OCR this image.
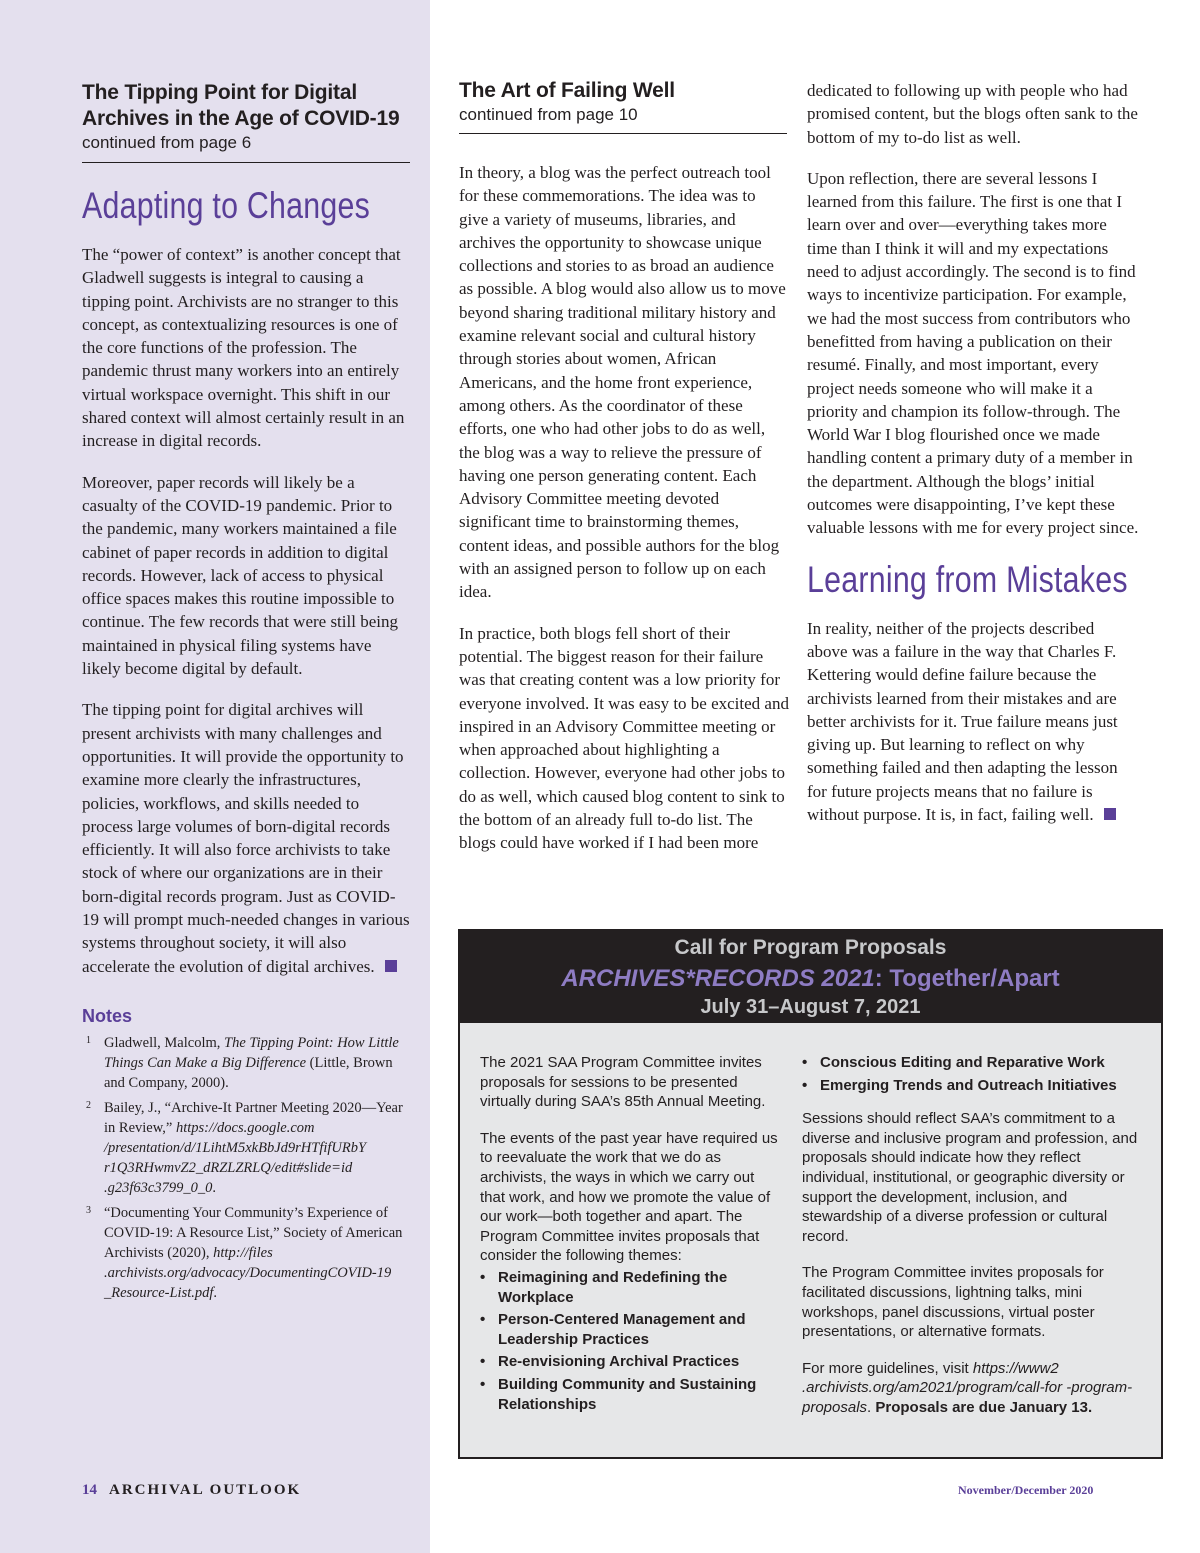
The Tipping Point for Digital
Archives in the Age of COVID-19
continued from page 6
Adapting to Changes

The “power of context” is another concept that Gladwell suggests is integral to causing a tipping point. Archivists are no stranger to this concept, as contextualizing resources is one of the core functions of the profession. The pandemic thrust many workers into an entirely virtual workspace overnight. This shift in our shared context will almost certainly result in an increase in digital records.

Moreover, paper records will likely be a casualty of the COVID-19 pandemic. Prior to the pandemic, many workers maintained a file cabinet of paper records in addition to digital records. However, lack of access to physical office spaces makes this routine impossible to continue. The few records that were still being maintained in physical filing systems have likely become digital by default.

The tipping point for digital archives will present archivists with many challenges and opportunities. It will provide the opportunity to examine more clearly the infrastructures, policies, workflows, and skills needed to process large volumes of born-digital records efficiently. It will also force archivists to take stock of where our organizations are in their born-digital records program. Just as COVID-19 will prompt much-needed changes in various systems throughout society, it will also accelerate the evolution of digital archives.

Notes
1 Gladwell, Malcolm, The Tipping Point: How Little Things Can Make a Big Difference (Little, Brown and Company, 2000).
2 Bailey, J., “Archive-It Partner Meeting 2020—Year in Review,” https://docs.google.com /presentation/d/1LihtM5xkBbJd9rHTfifURbY r1Q3RHwmvZ2_dRZLZRLQ/edit#slide=id .g23f63c3799_0_0.
3 “Documenting Your Community’s Experience of COVID-19: A Resource List,” Society of American Archivists (2020), http://files .archivists.org/advocacy/DocumentingCOVID-19 _Resource-List.pdf.
The Art of Failing Well
continued from page 10

In theory, a blog was the perfect outreach tool for these commemorations. The idea was to give a variety of museums, libraries, and archives the opportunity to showcase unique collections and stories to as broad an audience as possible. A blog would also allow us to move beyond sharing traditional military history and examine relevant social and cultural history through stories about women, African Americans, and the home front experience, among others. As the coordinator of these efforts, one who had other jobs to do as well, the blog was a way to relieve the pressure of having one person generating content. Each Advisory Committee meeting devoted significant time to brainstorming themes, content ideas, and possible authors for the blog with an assigned person to follow up on each idea.

In practice, both blogs fell short of their potential. The biggest reason for their failure was that creating content was a low priority for everyone involved. It was easy to be excited and inspired in an Advisory Committee meeting or when approached about highlighting a collection. However, everyone had other jobs to do as well, which caused blog content to sink to the bottom of an already full to-do list. The blogs could have worked if I had been more

dedicated to following up with people who had promised content, but the blogs often sank to the bottom of my to-do list as well.

Upon reflection, there are several lessons I learned from this failure. The first is one that I learn over and over—everything takes more time than I think it will and my expectations need to adjust accordingly. The second is to find ways to incentivize participation. For example, we had the most success from contributors who benefitted from having a publication on their resumé. Finally, and most important, every project needs someone who will make it a priority and champion its follow-through. The World War I blog flourished once we made handling content a primary duty of a member in the department. Although the blogs’ initial outcomes were disappointing, I’ve kept these valuable lessons with me for every project since.

Learning from Mistakes

In reality, neither of the projects described above was a failure in the way that Charles F. Kettering would define failure because the archivists learned from their mistakes and are better archivists for it. True failure means just giving up. But learning to reflect on why something failed and then adapting the lesson for future projects means that no failure is without purpose. It is, in fact, failing well.

Call for Program Proposals
ARCHIVES*RECORDS 2021: Together/Apart
July 31–August 7, 2021

The 2021 SAA Program Committee invites proposals for sessions to be presented virtually during SAA’s 85th Annual Meeting.

The events of the past year have required us to reevaluate the work that we do as archivists, the ways in which we carry out that work, and how we promote the value of our work—both together and apart. The Program Committee invites proposals that consider the following themes:

• Reimagining and Redefining the Workplace
• Person-Centered Management and Leadership Practices
• Re-envisioning Archival Practices
• Building Community and Sustaining Relationships
• Conscious Editing and Reparative Work
• Emerging Trends and Outreach Initiatives

Sessions should reflect SAA’s commitment to a diverse and inclusive program and profession, and proposals should indicate how they reflect individual, institutional, or geographic diversity or support the development, inclusion, and stewardship of a diverse profession or cultural record.

The Program Committee invites proposals for facilitated discussions, lightning talks, mini workshops, panel discussions, virtual poster presentations, or alternative formats.

For more guidelines, visit https://www2 .archivists.org/am2021/program/call-for -program-proposals. Proposals are due January 13.

14 ARCHIVAL OUTLOOK	November/December 2020
